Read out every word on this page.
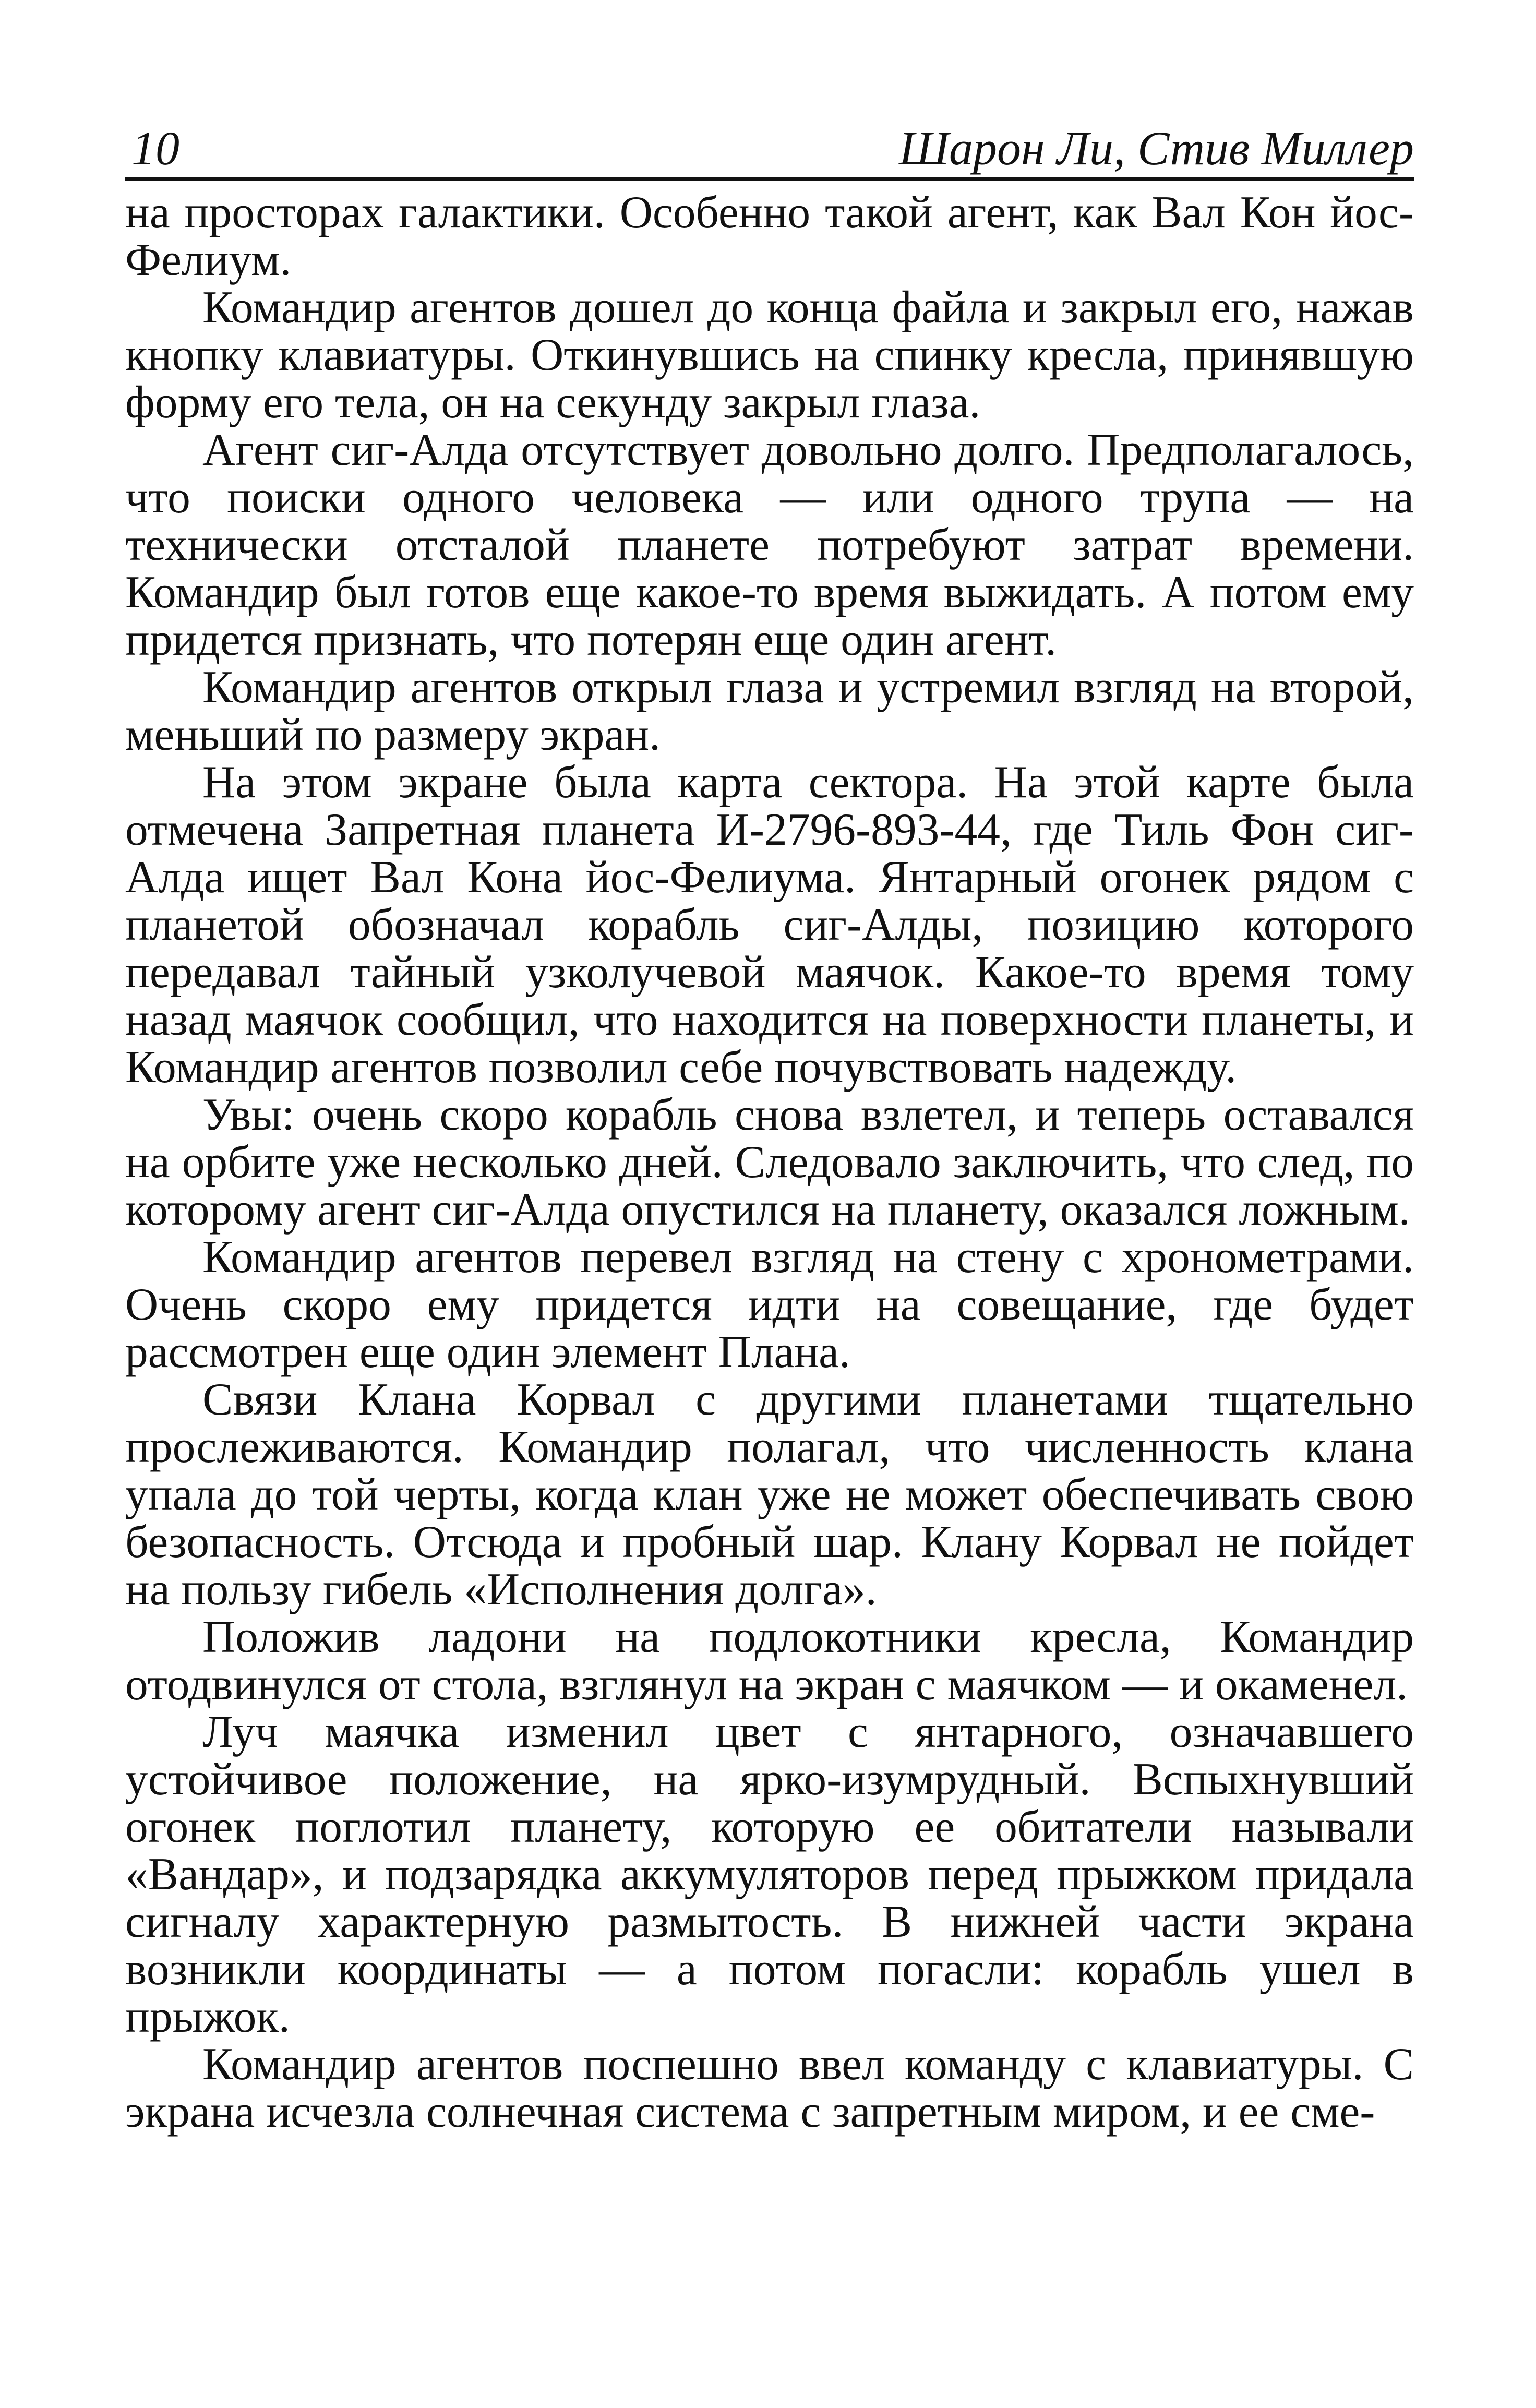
10	Шарон Ли, Стив Миллер

на просторах галактики. Особенно такой агент, как Вал Кон йос-Фелиум.

Командир агентов дошел до конца файла и закрыл его, нажав кнопку клавиатуры. Откинувшись на спинку кресла, принявшую форму его тела, он на секунду закрыл глаза.

Агент сиг-Алда отсутствует довольно долго. Предполагалось, что поиски одного человека — или одного трупа — на технически отсталой планете потребуют затрат времени. Командир был готов еще какое-то время выжидать. А потом ему придется признать, что потерян еще один агент.

Командир агентов открыл глаза и устремил взгляд на второй, меньший по размеру экран.

На этом экране была карта сектора. На этой карте была отмечена Запретная планета И-2796-893-44, где Тиль Фон сиг-Алда ищет Вал Кона йос-Фелиума. Янтарный огонек рядом с планетой обозначал корабль сиг-Алды, позицию которого передавал тайный узколучевой маячок. Какое-то время тому назад маячок сообщил, что находится на поверхности планеты, и Командир агентов позволил себе почувствовать надежду.

Увы: очень скоро корабль снова взлетел, и теперь оставался на орбите уже несколько дней. Следовало заключить, что след, по которому агент сиг-Алда опустился на планету, оказался ложным.

Командир агентов перевел взгляд на стену с хронометрами. Очень скоро ему придется идти на совещание, где будет рассмотрен еще один элемент Плана.

Связи Клана Корвал с другими планетами тщательно прослеживаются. Командир полагал, что численность клана упала до той черты, когда клан уже не может обеспечивать свою безопасность. Отсюда и пробный шар. Клану Корвал не пойдет на пользу гибель «Исполнения долга».

Положив ладони на подлокотники кресла, Командир отодвинулся от стола, взглянул на экран с маячком — и окаменел.

Луч маячка изменил цвет с янтарного, означавшего устойчивое положение, на ярко-изумрудный. Вспыхнувший огонек поглотил планету, которую ее обитатели называли «Вандар», и подзарядка аккумуляторов перед прыжком придала сигналу характерную размытость. В нижней части экрана возникли координаты — а потом погасли: корабль ушел в прыжок.

Командир агентов поспешно ввел команду с клавиатуры. С экрана исчезла солнечная система с запретным миром, и ее сме-
